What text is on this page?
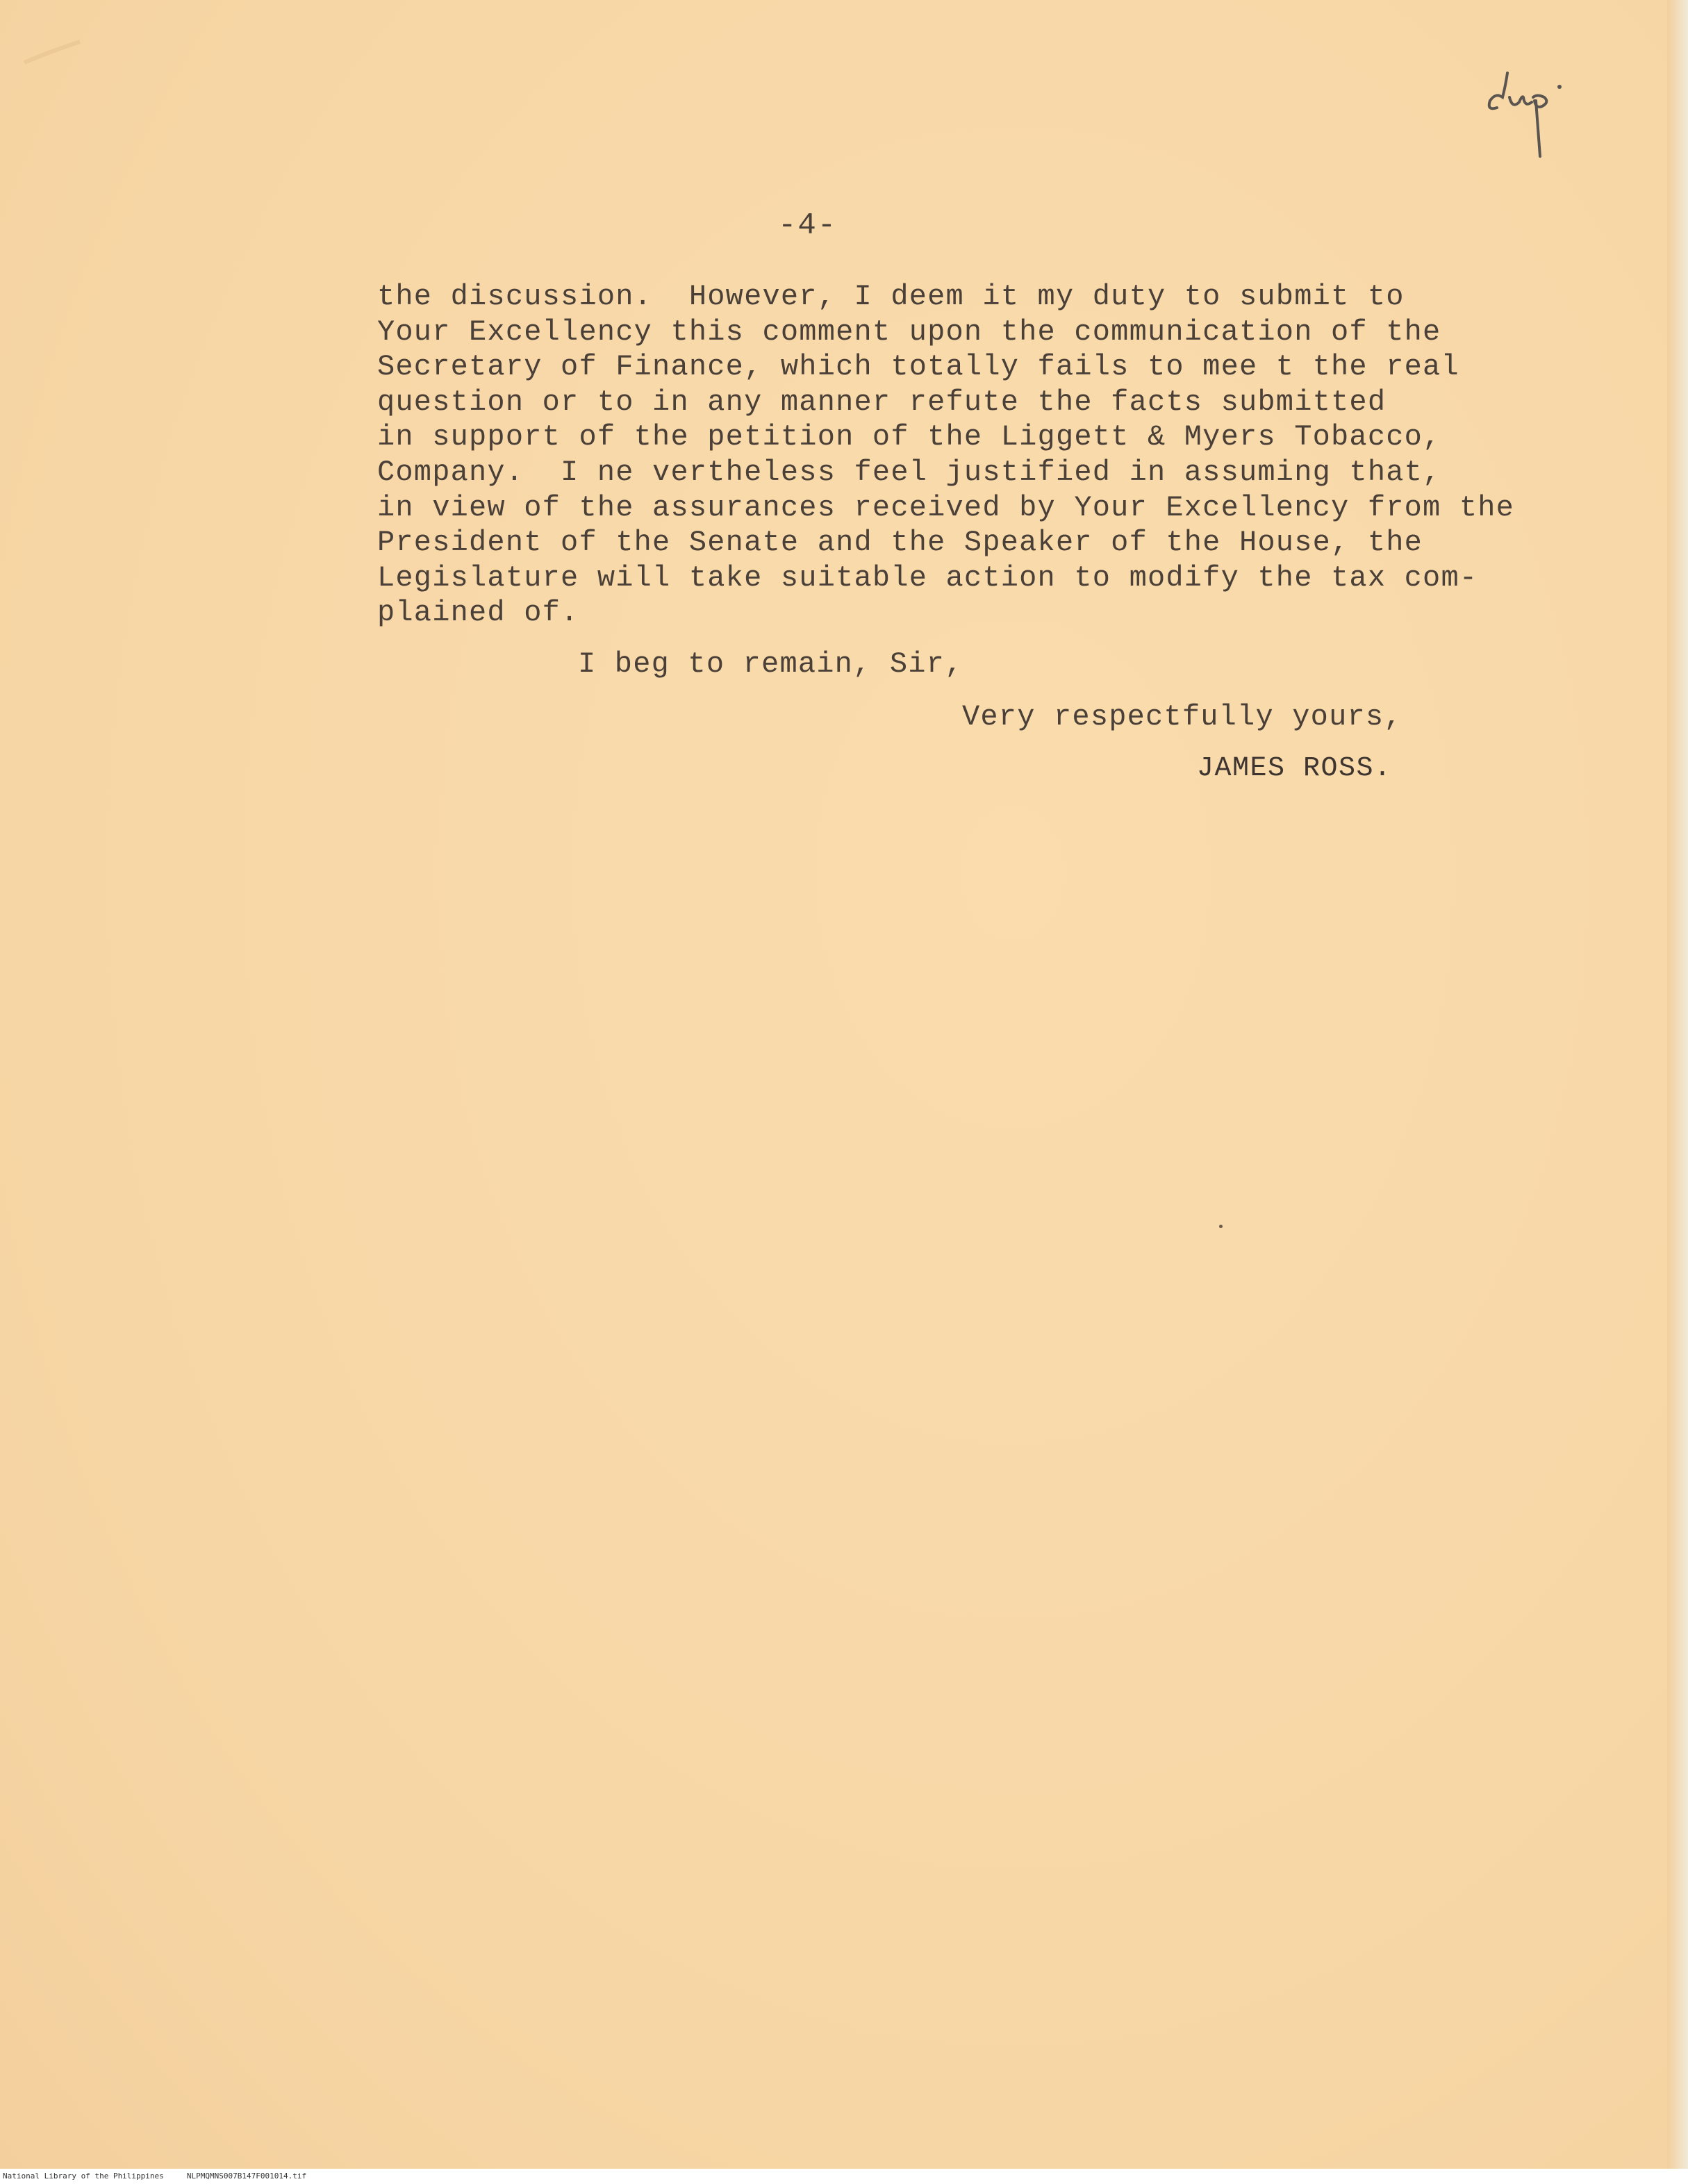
-4-
the discussion.  However, I deem it my duty to submit to
Your Excellency this comment upon the communication of the
Secretary of Finance, which totally fails to mee t the real
question or to in any manner refute the facts submitted
in support of the petition of the Liggett & Myers Tobacco,
Company.  I ne vertheless feel justified in assuming that,
in view of the assurances received by Your Excellency from the
President of the Senate and the Speaker of the House, the
Legislature will take suitable action to modify the tax com-
plained of.
I beg to remain, Sir,
Very respectfully yours,
JAMES ROSS.
National Library of the Philippines     NLPMQMNS007B147F001014.tif
